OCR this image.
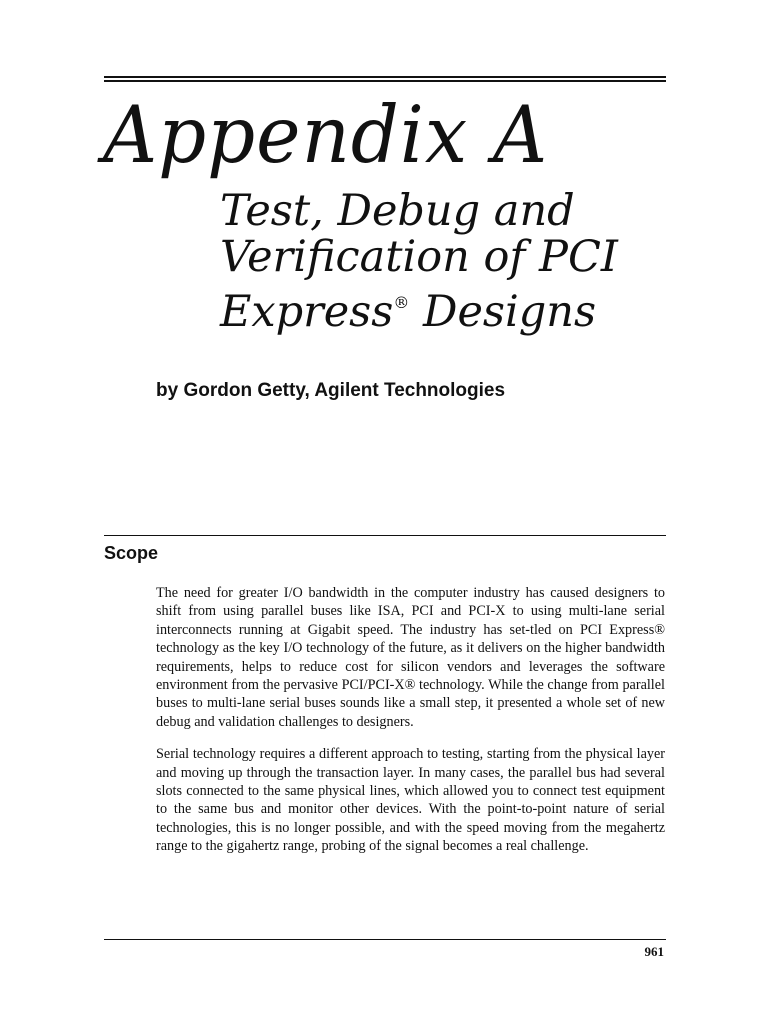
Appendix A
Test, Debug and
Verification of PCI
Express® Designs

by Gordon Getty, Agilent Technologies

Scope

The need for greater I/O bandwidth in the computer industry has caused designers to shift from using parallel buses like ISA, PCI and PCI-X to using multi-lane serial interconnects running at Gigabit speed. The industry has set-tled on PCI Express® technology as the key I/O technology of the future, as it delivers on the higher bandwidth requirements, helps to reduce cost for silicon vendors and leverages the software environment from the pervasive PCI/PCI-X® technology. While the change from parallel buses to multi-lane serial buses sounds like a small step, it presented a whole set of new debug and validation challenges to designers.

Serial technology requires a different approach to testing, starting from the physical layer and moving up through the transaction layer. In many cases, the parallel bus had several slots connected to the same physical lines, which allowed you to connect test equipment to the same bus and monitor other devices. With the point-to-point nature of serial technologies, this is no longer possible, and with the speed moving from the megahertz range to the gigahertz range, probing of the signal becomes a real challenge.

961
